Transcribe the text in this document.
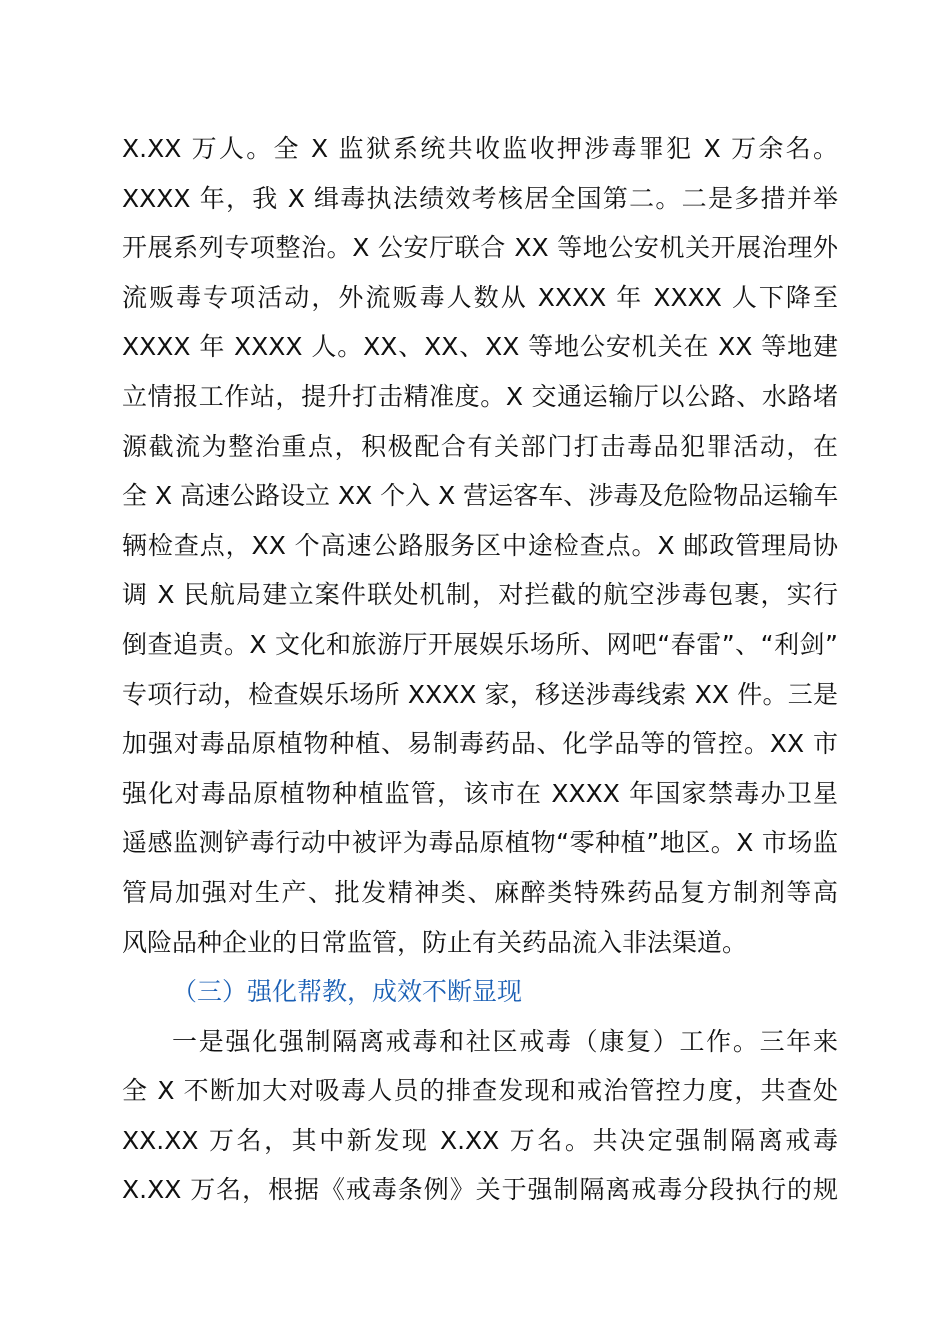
X.XX 万人。全 X 监狱系统共收监收押涉毒罪犯 X 万余名。
XXXX 年，我 X 缉毒执法绩效考核居全国第二。二是多措并举
开展系列专项整治。X 公安厅联合 XX 等地公安机关开展治理外
流贩毒专项活动，外流贩毒人数从 XXXX 年 XXXX 人下降至
XXXX 年 XXXX 人。XX、XX、XX 等地公安机关在 XX 等地建
立情报工作站，提升打击精准度。X 交通运输厅以公路、水路堵
源截流为整治重点，积极配合有关部门打击毒品犯罪活动，在
全 X 高速公路设立 XX 个入 X 营运客车、涉毒及危险物品运输车
辆检查点，XX 个高速公路服务区中途检查点。X 邮政管理局协
调 X 民航局建立案件联处机制，对拦截的航空涉毒包裹，实行
倒查追责。X 文化和旅游厅开展娱乐场所、网吧“春雷”、“利剑”
专项行动，检查娱乐场所 XXXX 家，移送涉毒线索 XX 件。三是
加强对毒品原植物种植、易制毒药品、化学品等的管控。XX 市
强化对毒品原植物种植监管，该市在 XXXX 年国家禁毒办卫星
遥感监测铲毒行动中被评为毒品原植物“零种植”地区。X 市场监
管局加强对生产、批发精神类、麻醉类特殊药品复方制剂等高
风险品种企业的日常监管，防止有关药品流入非法渠道。
（三）强化帮教，成效不断显现
一是强化强制隔离戒毒和社区戒毒（康复）工作。三年来
全 X 不断加大对吸毒人员的排查发现和戒治管控力度，共查处
XX.XX 万名，其中新发现 X.XX 万名。共决定强制隔离戒毒
X.XX 万名，根据《戒毒条例》关于强制隔离戒毒分段执行的规
